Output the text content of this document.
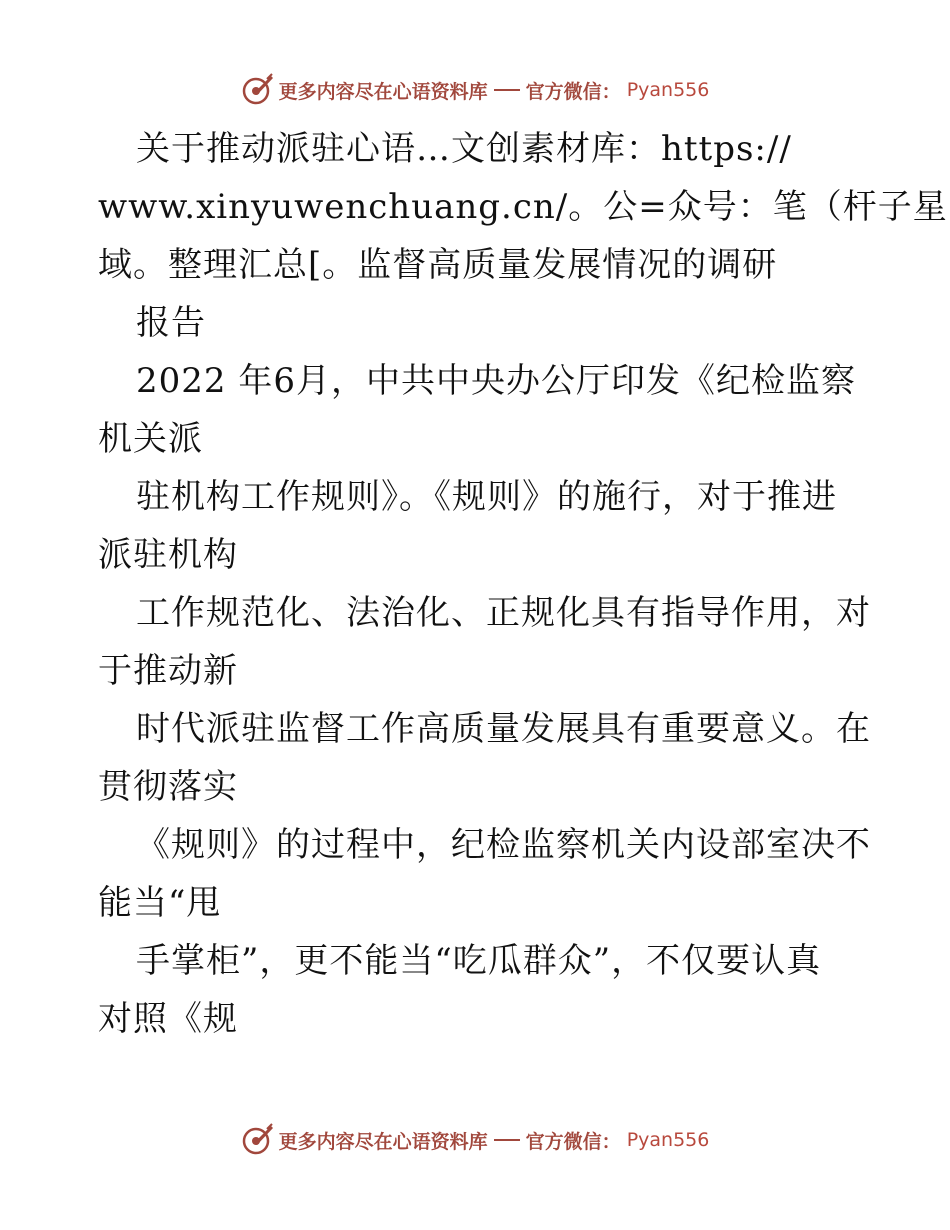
更多内容尽在心语资料库 官方微信： Pyan556
关于推动派驻心语…文创素材库：https://
www.xinyuwenchuang.cn/。公=众号：笔（杆子星
域。整理汇总[。监督高质量发展情况的调研
报告
2022 年6月，中共中央办公厅印发《纪检监察
机关派
驻机构工作规则》。《规则》的施行，对于推进
派驻机构
工作规范化、法治化、正规化具有指导作用，对
于推动新
时代派驻监督工作高质量发展具有重要意义。在
贯彻落实
《规则》的过程中，纪检监察机关内设部室决不
能当“甩
手掌柜”，更不能当“吃瓜群众”，不仅要认真
对照《规
更多内容尽在心语资料库 官方微信： Pyan556
